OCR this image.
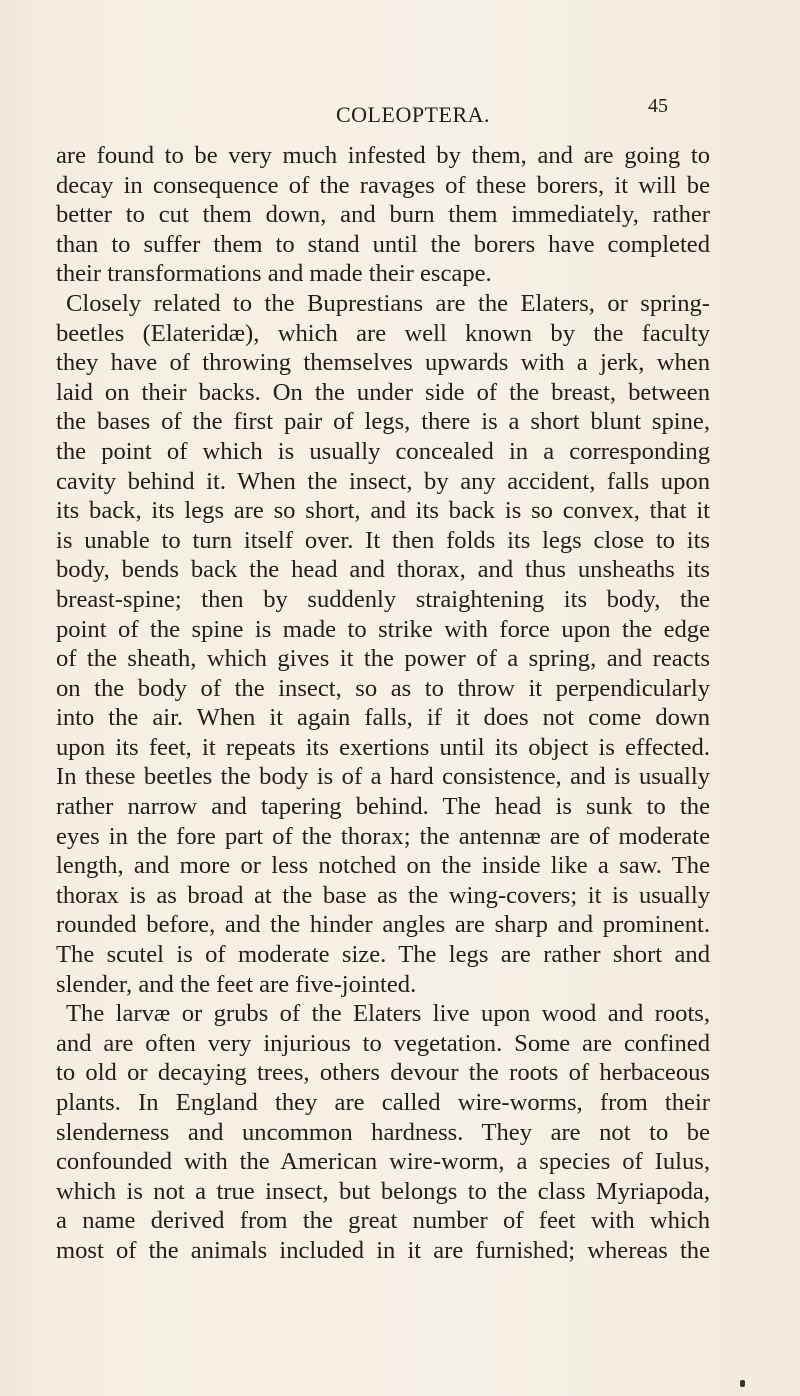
COLEOPTERA.	45
are found to be very much infested by them, and are going to
decay in consequence of the ravages of these borers, it will be
better to cut them down, and burn them immediately, rather
than to suffer them to stand until the borers have completed
their transformations and made their escape.
Closely related to the Buprestians are the Elaters, or spring-
beetles (Elateridæ), which are well known by the faculty
they have of throwing themselves upwards with a jerk, when
laid on their backs. On the under side of the breast, between
the bases of the first pair of legs, there is a short blunt spine,
the point of which is usually concealed in a corresponding
cavity behind it. When the insect, by any accident, falls upon
its back, its legs are so short, and its back is so convex, that it
is unable to turn itself over. It then folds its legs close to its
body, bends back the head and thorax, and thus unsheaths its
breast-spine; then by suddenly straightening its body, the
point of the spine is made to strike with force upon the edge
of the sheath, which gives it the power of a spring, and reacts
on the body of the insect, so as to throw it perpendicularly
into the air. When it again falls, if it does not come down
upon its feet, it repeats its exertions until its object is effected.
In these beetles the body is of a hard consistence, and is usually
rather narrow and tapering behind. The head is sunk to the
eyes in the fore part of the thorax; the antennæ are of moderate
length, and more or less notched on the inside like a saw. The
thorax is as broad at the base as the wing-covers; it is usually
rounded before, and the hinder angles are sharp and prominent.
The scutel is of moderate size. The legs are rather short and
slender, and the feet are five-jointed.
The larvæ or grubs of the Elaters live upon wood and roots,
and are often very injurious to vegetation. Some are confined
to old or decaying trees, others devour the roots of herbaceous
plants. In England they are called wire-worms, from their
slenderness and uncommon hardness. They are not to be
confounded with the American wire-worm, a species of Iulus,
which is not a true insect, but belongs to the class Myriapoda,
a name derived from the great number of feet with which
most of the animals included in it are furnished; whereas the
